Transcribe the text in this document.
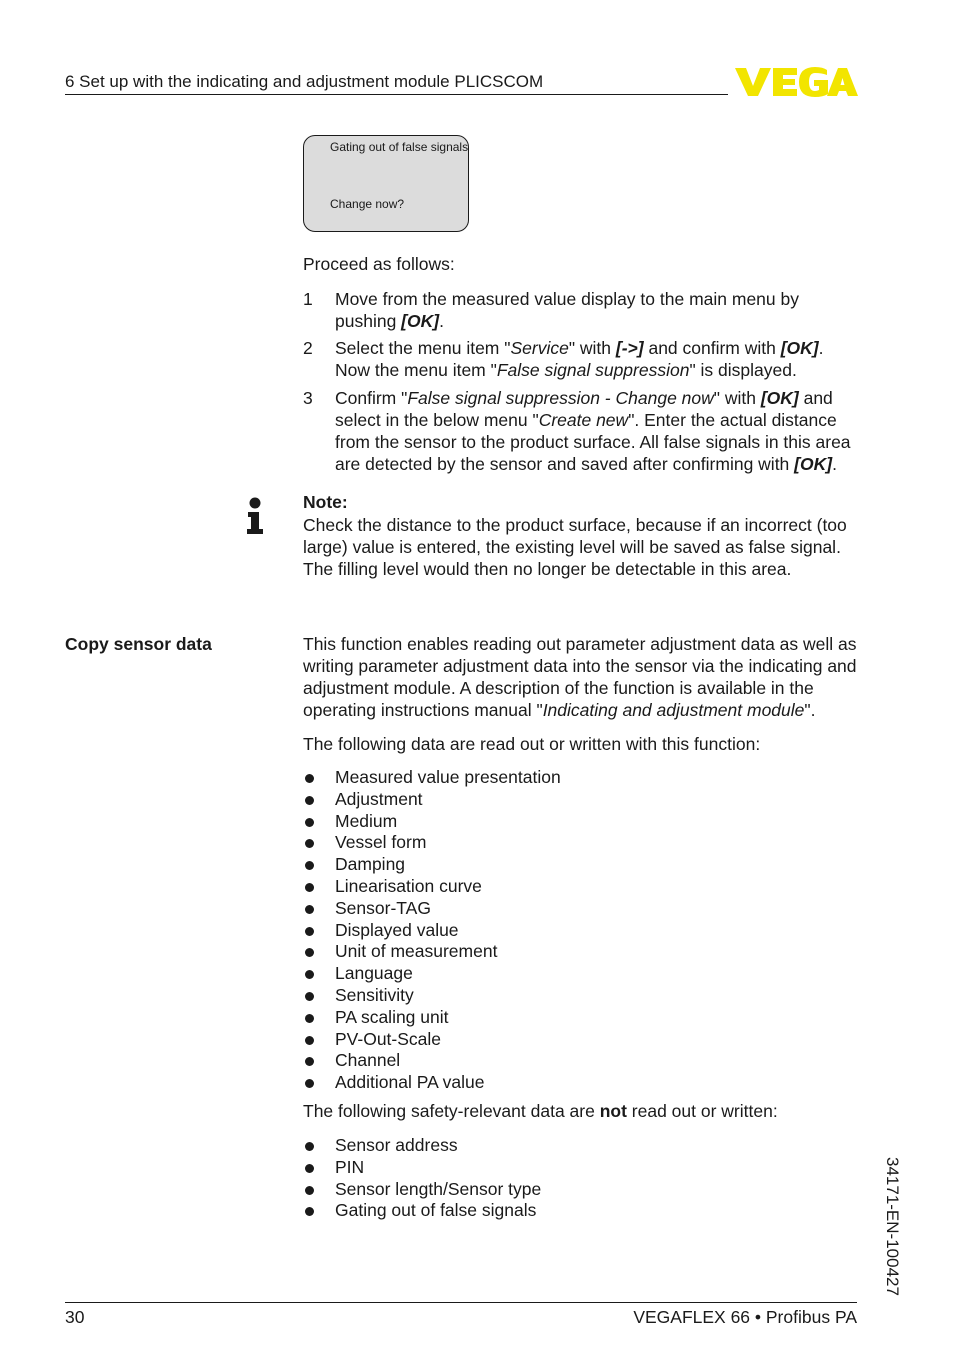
6 Set up with the indicating and adjustment module PLICSCOM
Gating out of false signals
Change now?
Proceed as follows:
1	Move from the measured value display to the main menu by pushing [OK].
2	Select the menu item "Service" with [->] and confirm with [OK]. Now the menu item "False signal suppression" is displayed.
3	Confirm "False signal suppression - Change now" with [OK] and select in the below menu "Create new". Enter the actual distance from the sensor to the product surface. All false signals in this area are detected by the sensor and saved after confirming with [OK].
Note:
Check the distance to the product surface, because if an incorrect (too large) value is entered, the existing level will be saved as false signal. The filling level would then no longer be detectable in this area.
Copy sensor data	This function enables reading out parameter adjustment data as well as writing parameter adjustment data into the sensor via the indicating and adjustment module. A description of the function is available in the operating instructions manual "Indicating and adjustment module".
The following data are read out or written with this function:
Measured value presentation
Adjustment
Medium
Vessel form
Damping
Linearisation curve
Sensor-TAG
Displayed value
Unit of measurement
Language
Sensitivity
PA scaling unit
PV-Out-Scale
Channel
Additional PA value
The following safety-relevant data are not read out or written:
Sensor address
PIN
Sensor length/Sensor type
Gating out of false signals	34171-EN-100427
30	VEGAFLEX 66 • Profibus PA
